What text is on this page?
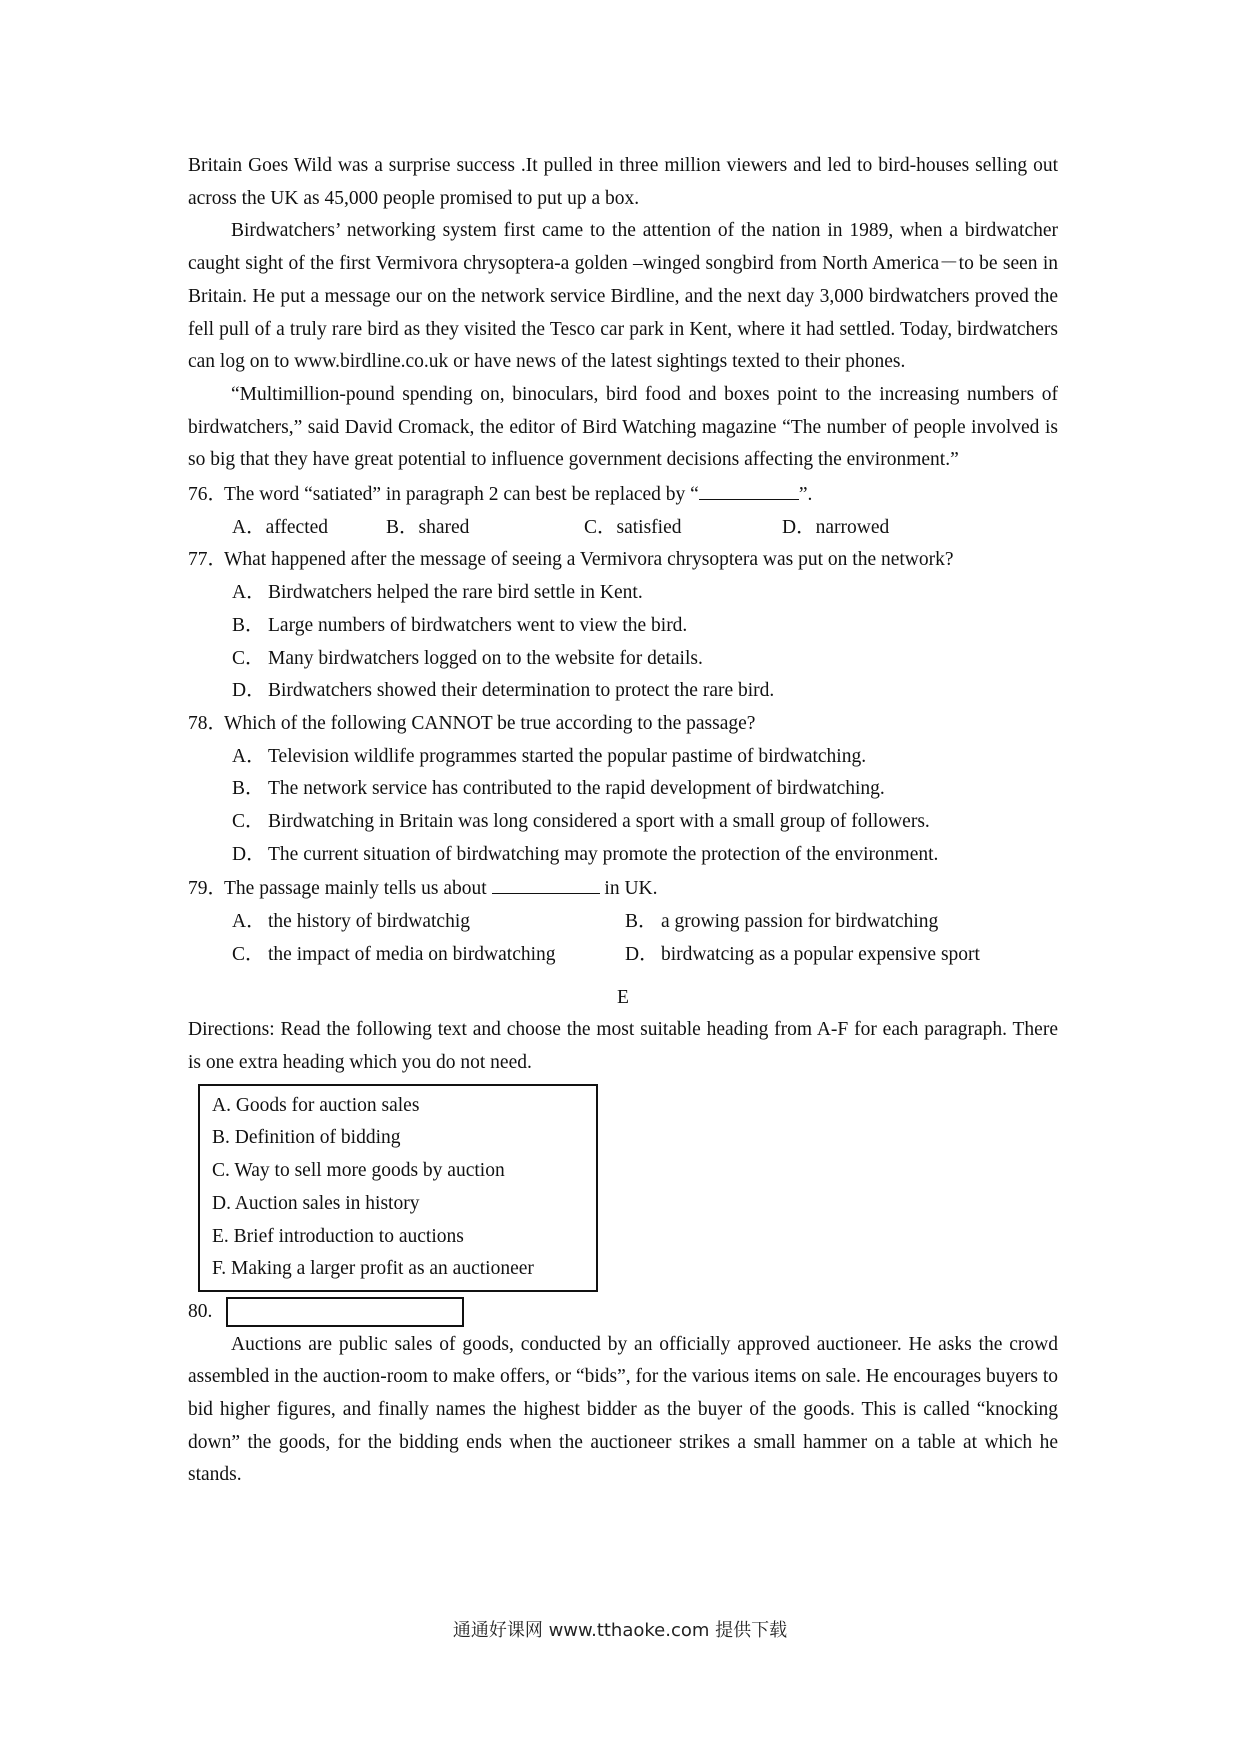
Britain Goes Wild was a surprise success .It pulled in three million viewers and led to bird-houses selling out across the UK as 45,000 people promised to put up a box.

Birdwatchers’ networking system first came to the attention of the nation in 1989, when a birdwatcher caught sight of the first Vermivora chrysoptera-a golden –winged songbird from North America－to be seen in Britain. He put a message our on the network service Birdline, and the next day 3,000 birdwatchers proved the fell pull of a truly rare bird as they visited the Tesco car park in Kent, where it had settled. Today, birdwatchers can log on to www.birdline.co.uk or have news of the latest sightings texted to their phones.

“Multimillion-pound spending on, binoculars, bird food and boxes point to the increasing numbers of birdwatchers,” said David Cromack, the editor of Bird Watching magazine “The number of people involved is so big that they have great potential to influence government decisions affecting the environment.”

76．The word “satiated” in paragraph 2 can best be replaced by “	”.

A．affected	B．shared	C．satisfied	D．narrowed

77．What happened after the message of seeing a Vermivora chrysoptera was put on the network?

A． Birdwatchers helped the rare bird settle in Kent.

B． Large numbers of birdwatchers went to view the bird.

C． Many birdwatchers logged on to the website for details.

D． Birdwatchers showed their determination to protect the rare bird.

78．Which of the following CANNOT be true according to the passage?

A． Television wildlife programmes started the popular pastime of birdwatching.

B． The network service has contributed to the rapid development of birdwatching.

C． Birdwatching in Britain was long considered a sport with a small group of followers.

D． The current situation of birdwatching may promote the protection of the environment.

79．The passage mainly tells us about	in UK.

A． the history of birdwatchig	B． a growing passion for birdwatching
C． the impact of media on birdwatching	D． birdwatcing as a popular expensive sport

E

Directions: Read the following text and choose the most suitable heading from A-F for each paragraph. There is one extra heading which you do not need.

A. Goods for auction sales
B. Definition of bidding
C. Way to sell more goods by auction
D. Auction sales in history
E. Brief introduction to auctions
F. Making a larger profit as an auctioneer
80.

Auctions are public sales of goods, conducted by an officially approved auctioneer. He asks the crowd assembled in the auction-room to make offers, or “bids”, for the various items on sale. He encourages buyers to bid higher figures, and finally names the highest bidder as the buyer of the goods. This is called “knocking down” the goods, for the bidding ends when the auctioneer strikes a small hammer on a table at which he stands.

通通好课网 www.tthaoke.com 提供下载
